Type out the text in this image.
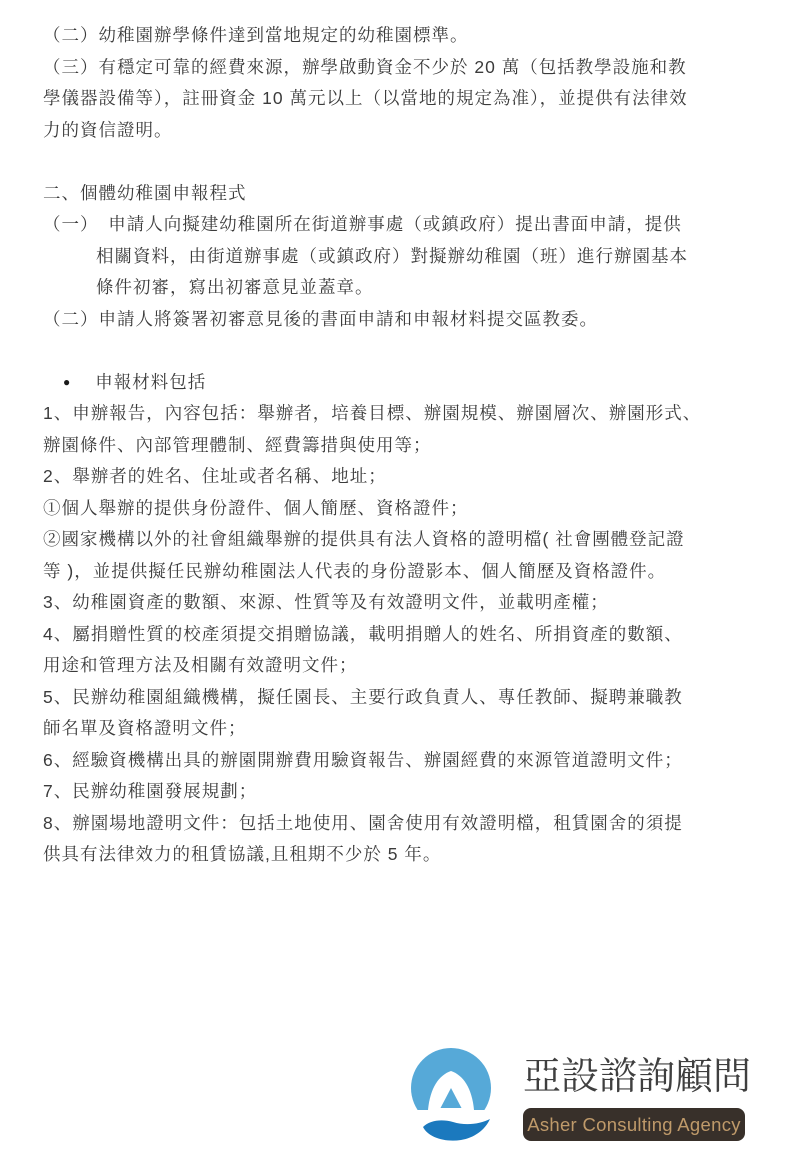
（二）幼稚園辦學條件達到當地規定的幼稚園標準。
（三）有穩定可靠的經費來源，辦學啟動資金不少於 20 萬（包括教學設施和教
學儀器設備等），註冊資金 10 萬元以上（以當地的規定為准），並提供有法律效
力的資信證明。
二、個體幼稚園申報程式
（一）　申請人向擬建幼稚園所在街道辦事處（或鎮政府）提出書面申請，提供
相關資料，由街道辦事處（或鎮政府）對擬辦幼稚園（班）進行辦園基本
條件初審，寫出初審意見並蓋章。
（二）申請人將簽署初審意見後的書面申請和申報材料提交區教委。
● 申報材料包括
1、申辦報告，內容包括：舉辦者，培養目標、辦園規模、辦園層次、辦園形式、
辦園條件、內部管理體制、經費籌措與使用等；
2、舉辦者的姓名、住址或者名稱、地址；
①個人舉辦的提供身份證件、個人簡歷、資格證件；
②國家機構以外的社會組織舉辦的提供具有法人資格的證明檔( 社會團體登記證
等 )，並提供擬任民辦幼稚園法人代表的身份證影本、個人簡歷及資格證件。
3、幼稚園資產的數額、來源、性質等及有效證明文件，並載明產權；
4、屬捐贈性質的校產須提交捐贈協議，載明捐贈人的姓名、所捐資產的數額、
用途和管理方法及相關有效證明文件；
5、民辦幼稚園組織機構，擬任園長、主要行政負責人、專任教師、擬聘兼職教
師名單及資格證明文件；
6、經驗資機構出具的辦園開辦費用驗資報告、辦園經費的來源管道證明文件；
7、民辦幼稚園發展規劃；
8、辦園場地證明文件：包括土地使用、園舍使用有效證明檔，租賃園舍的須提
供具有法律效力的租賃協議,且租期不少於 5 年。
亞設諮詢顧問
Asher Consulting Agency
